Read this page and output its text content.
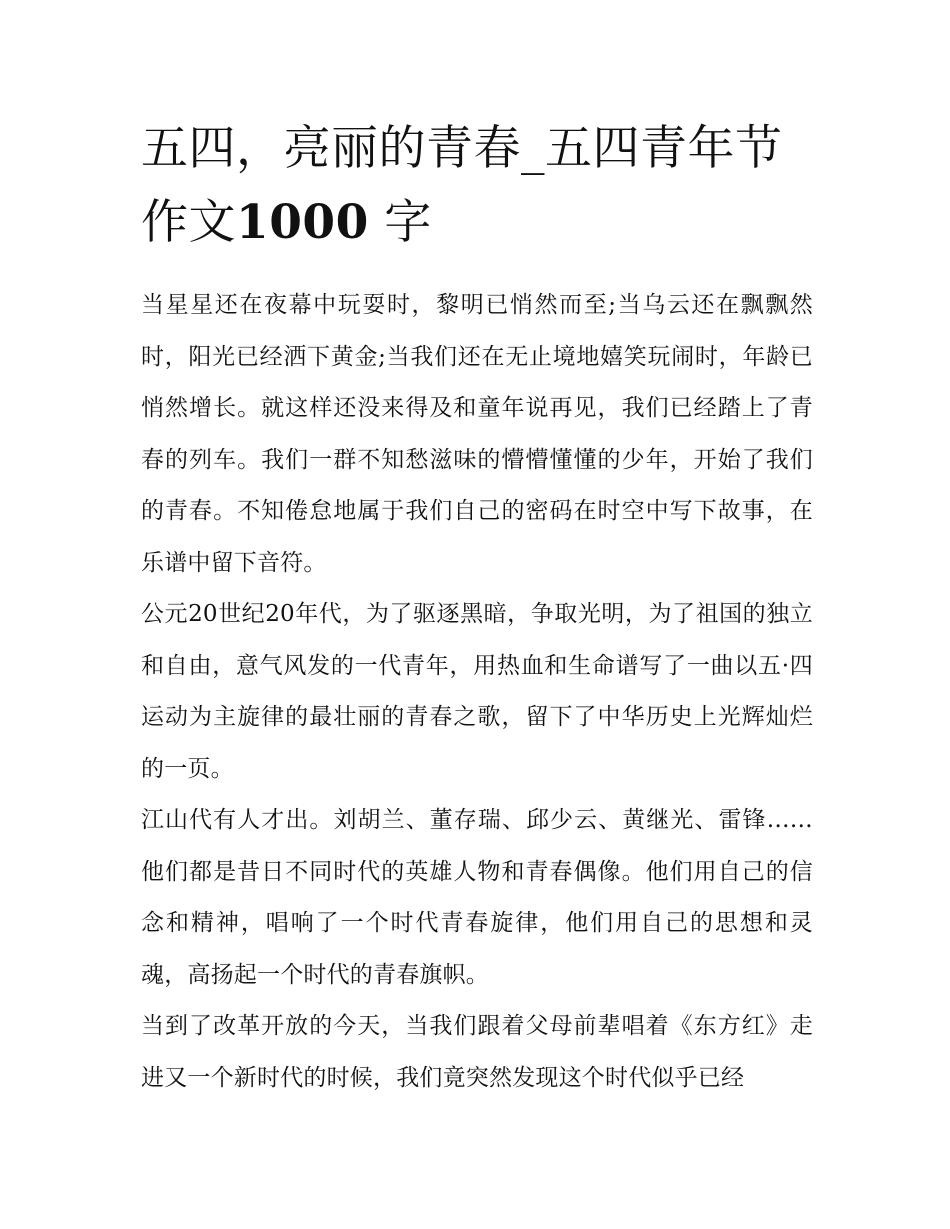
五四，亮丽的青春_五四青年节作文1000 字

当星星还在夜幕中玩耍时，黎明已悄然而至;当乌云还在飘飘然时，阳光已经洒下黄金;当我们还在无止境地嬉笑玩闹时，年龄已悄然增长。就这样还没来得及和童年说再见，我们已经踏上了青春的列车。我们一群不知愁滋味的懵懵懂懂的少年，开始了我们的青春。不知倦怠地属于我们自己的密码在时空中写下故事，在乐谱中留下音符。

公元20世纪20年代，为了驱逐黑暗，争取光明，为了祖国的独立和自由，意气风发的一代青年，用热血和生命谱写了一曲以五·四运动为主旋律的最壮丽的青春之歌，留下了中华历史上光辉灿烂的一页。

江山代有人才出。刘胡兰、董存瑞、邱少云、黄继光、雷锋……他们都是昔日不同时代的英雄人物和青春偶像。他们用自己的信念和精神，唱响了一个时代青春旋律，他们用自己的思想和灵魂，高扬起一个时代的青春旗帜。

当到了改革开放的今天，当我们跟着父母前辈唱着《东方红》走进又一个新时代的时候，我们竟突然发现这个时代似乎已经
